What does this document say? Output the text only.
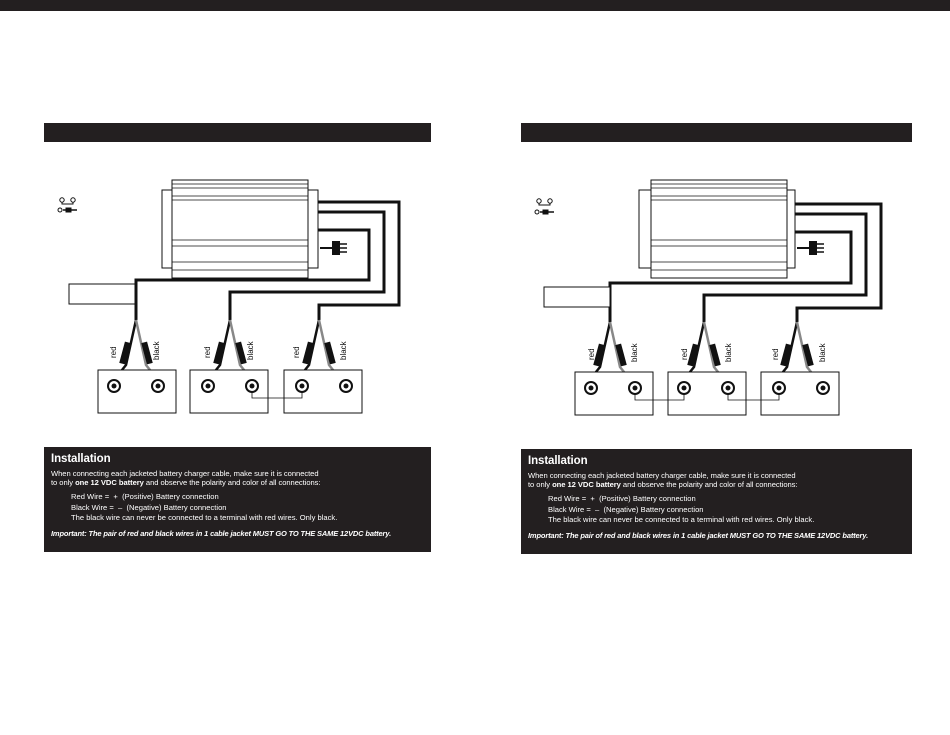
red	black	red	black	red	black
Installation
When connecting each jacketed battery charger cable, make sure it is connected
to only one 12 VDC battery and observe the polarity and color of all connections:
Red Wire =  +  (Positive) Battery connection
Black Wire =  –  (Negative) Battery connection
The black wire can never be connected to a terminal with red wires. Only black.
Important: The pair of red and black wires in 1 cable jacket MUST GO TO THE SAME 12VDC battery.
red	black	red	black	red	black
Installation
When connecting each jacketed battery charger cable, make sure it is connected
to only one 12 VDC battery and observe the polarity and color of all connections:
Red Wire =  +  (Positive) Battery connection
Black Wire =  –  (Negative) Battery connection
The black wire can never be connected to a terminal with red wires. Only black.
Important: The pair of red and black wires in 1 cable jacket MUST GO TO THE SAME 12VDC battery.
